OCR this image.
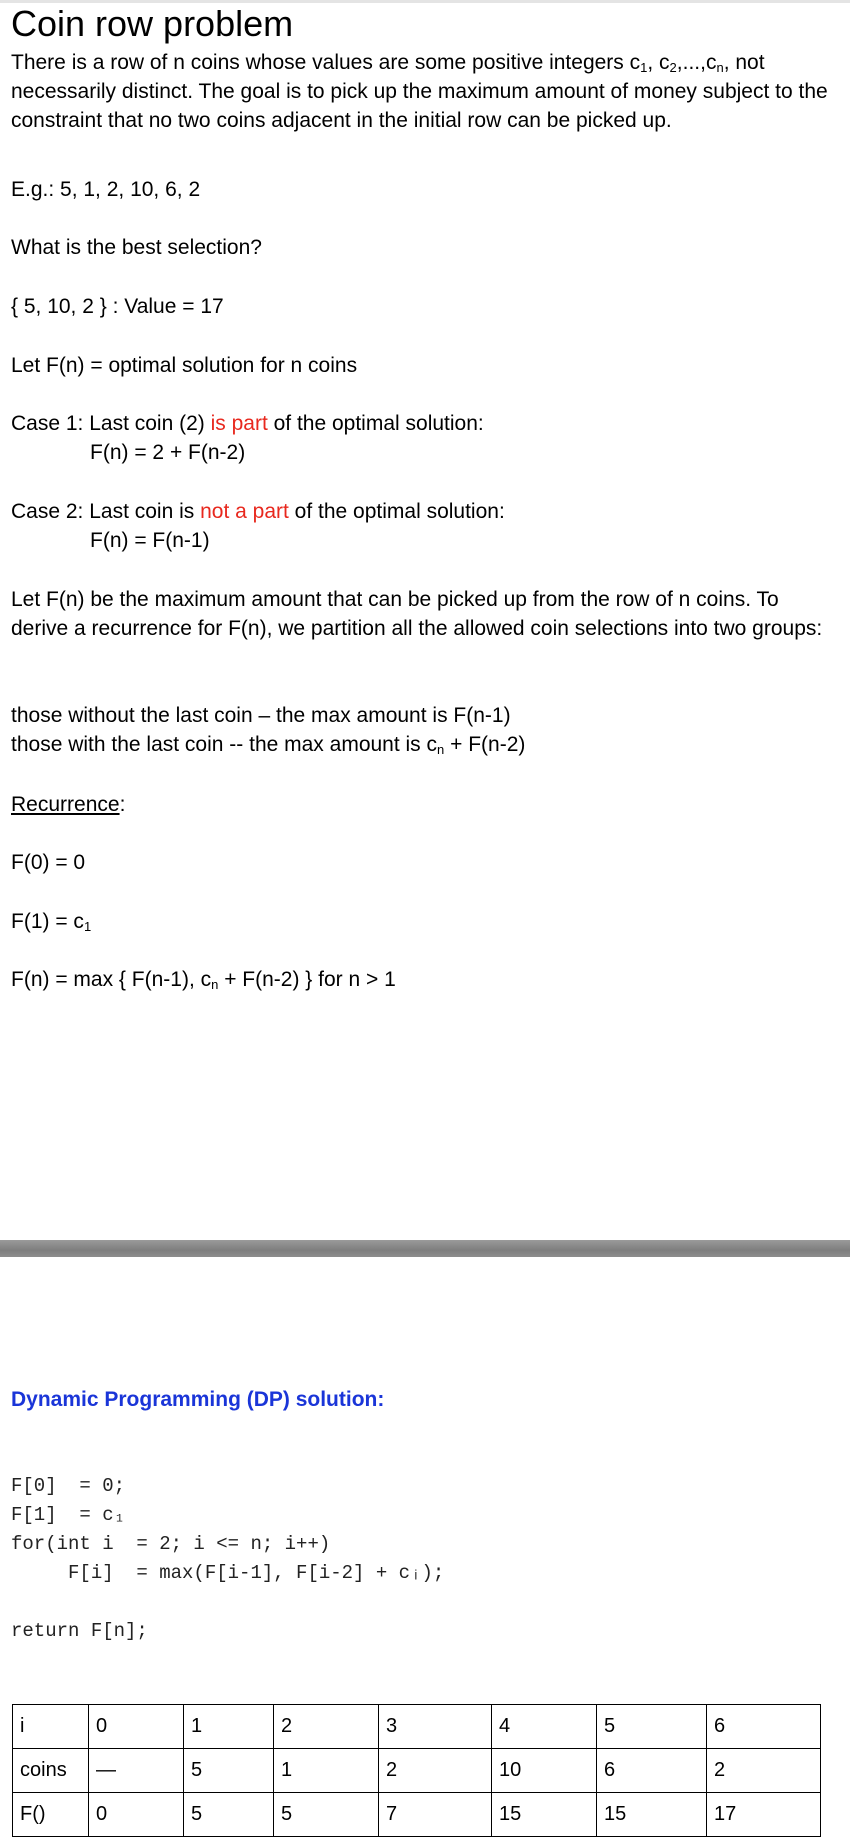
Coin row problem
There is a row of n coins whose values are some positive integers $c_1$, $c_2,...,c_n$, not necessarily distinct. The goal is to pick up the maximum amount of money subject to the constraint that no two coins adjacent in the initial row can be picked up.
E.g.: 5, 1, 2, 10, 6, 2
What is the best selection?
{ 5, 10, 2 } : Value = 17
Let F(n) = optimal solution for n coins
Case 1: Last coin (2) is part of the optimal solution:
F(n) = 2 + F(n-2)
Case 2: Last coin is not a part of the optimal solution:
F(n) = F(n-1)
Let F(n) be the maximum amount that can be picked up from the row of n coins. To derive a recurrence for F(n), we partition all the allowed coin selections into two groups:
those without the last coin – the max amount is F(n-1)
those with the last coin -- the max amount is $c_n + F(n-2)$
Recurrence:
F(0) = 0
$F(1) = c_1$
F(n) = max { F(n-1), $c_n + F(n-2)$ } for n > 1
Dynamic Programming (DP) solution:
F[0]  = 0;
F[1]  = c₁
for(int i  = 2; i <= n; i++)
F[i]  = max(F[i-1], F[i-2] + cᵢ);
return F[n];
i	0	1	2	3	4	5	6
coins	—	5	1	2	10	6	2
F()	0	5	5	7	15	15	17
